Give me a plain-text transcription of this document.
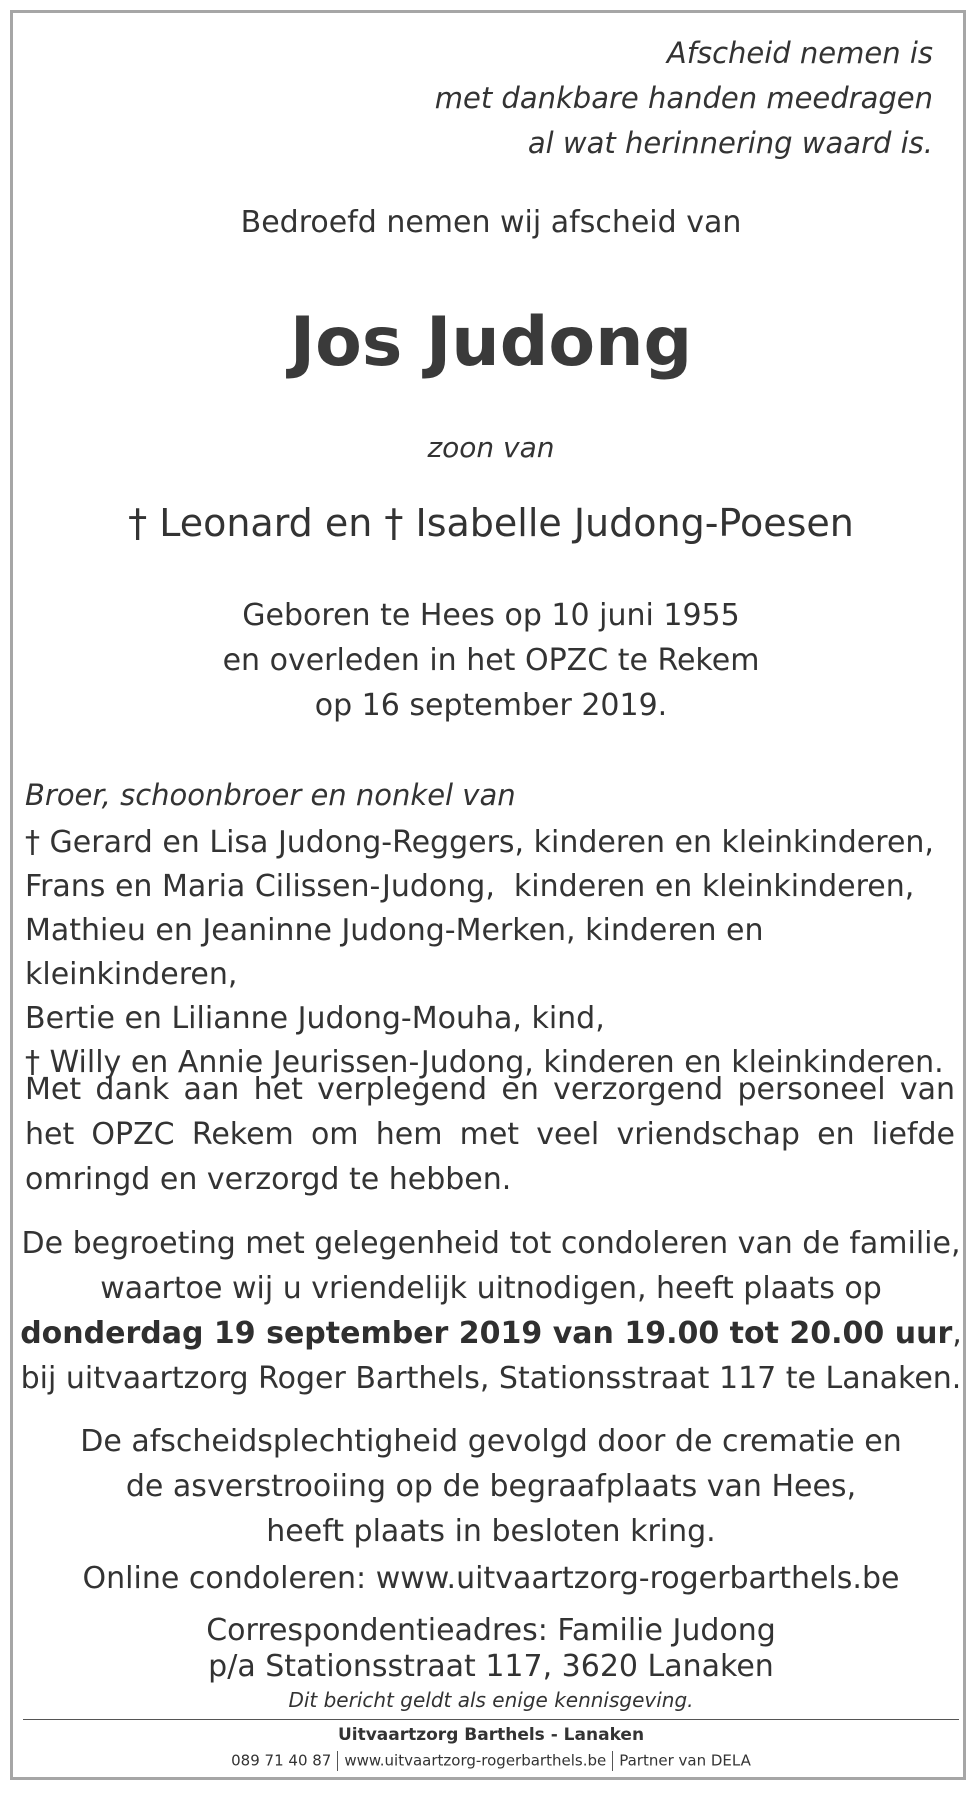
Afscheid nemen is
met dankbare handen meedragen
al wat herinnering waard is.
Bedroefd nemen wij afscheid van
Jos Judong
zoon van
† Leonard en † Isabelle Judong-Poesen
Geboren te Hees op 10 juni 1955
en overleden in het OPZC te Rekem
op 16 september 2019.
Broer, schoonbroer en nonkel van
† Gerard en Lisa Judong-Reggers, kinderen en kleinkinderen,
Frans en Maria Cilissen-Judong,  kinderen en kleinkinderen,
Mathieu en Jeaninne Judong-Merken, kinderen en kleinkinderen,
Bertie en Lilianne Judong-Mouha, kind,
† Willy en Annie Jeurissen-Judong, kinderen en kleinkinderen.
Met dank aan het verplegend en verzorgend personeel van het OPZC Rekem om hem met veel vriendschap en liefde omringd en verzorgd te hebben.
De begroeting met gelegenheid tot condoleren van de familie,
waartoe wij u vriendelijk uitnodigen, heeft plaats op
donderdag 19 september 2019 van 19.00 tot 20.00 uur,
bij uitvaartzorg Roger Barthels, Stationsstraat 117 te Lanaken.
De afscheidsplechtigheid gevolgd door de crematie en
de asverstrooiing op de begraafplaats van Hees,
heeft plaats in besloten kring.
Online condoleren: www.uitvaartzorg-rogerbarthels.be
Correspondentieadres: Familie Judong
p/a Stationsstraat 117, 3620 Lanaken
Dit bericht geldt als enige kennisgeving.
Uitvaartzorg Barthels - Lanaken
089 71 40 87 www.uitvaartzorg-rogerbarthels.be Partner van DELA
